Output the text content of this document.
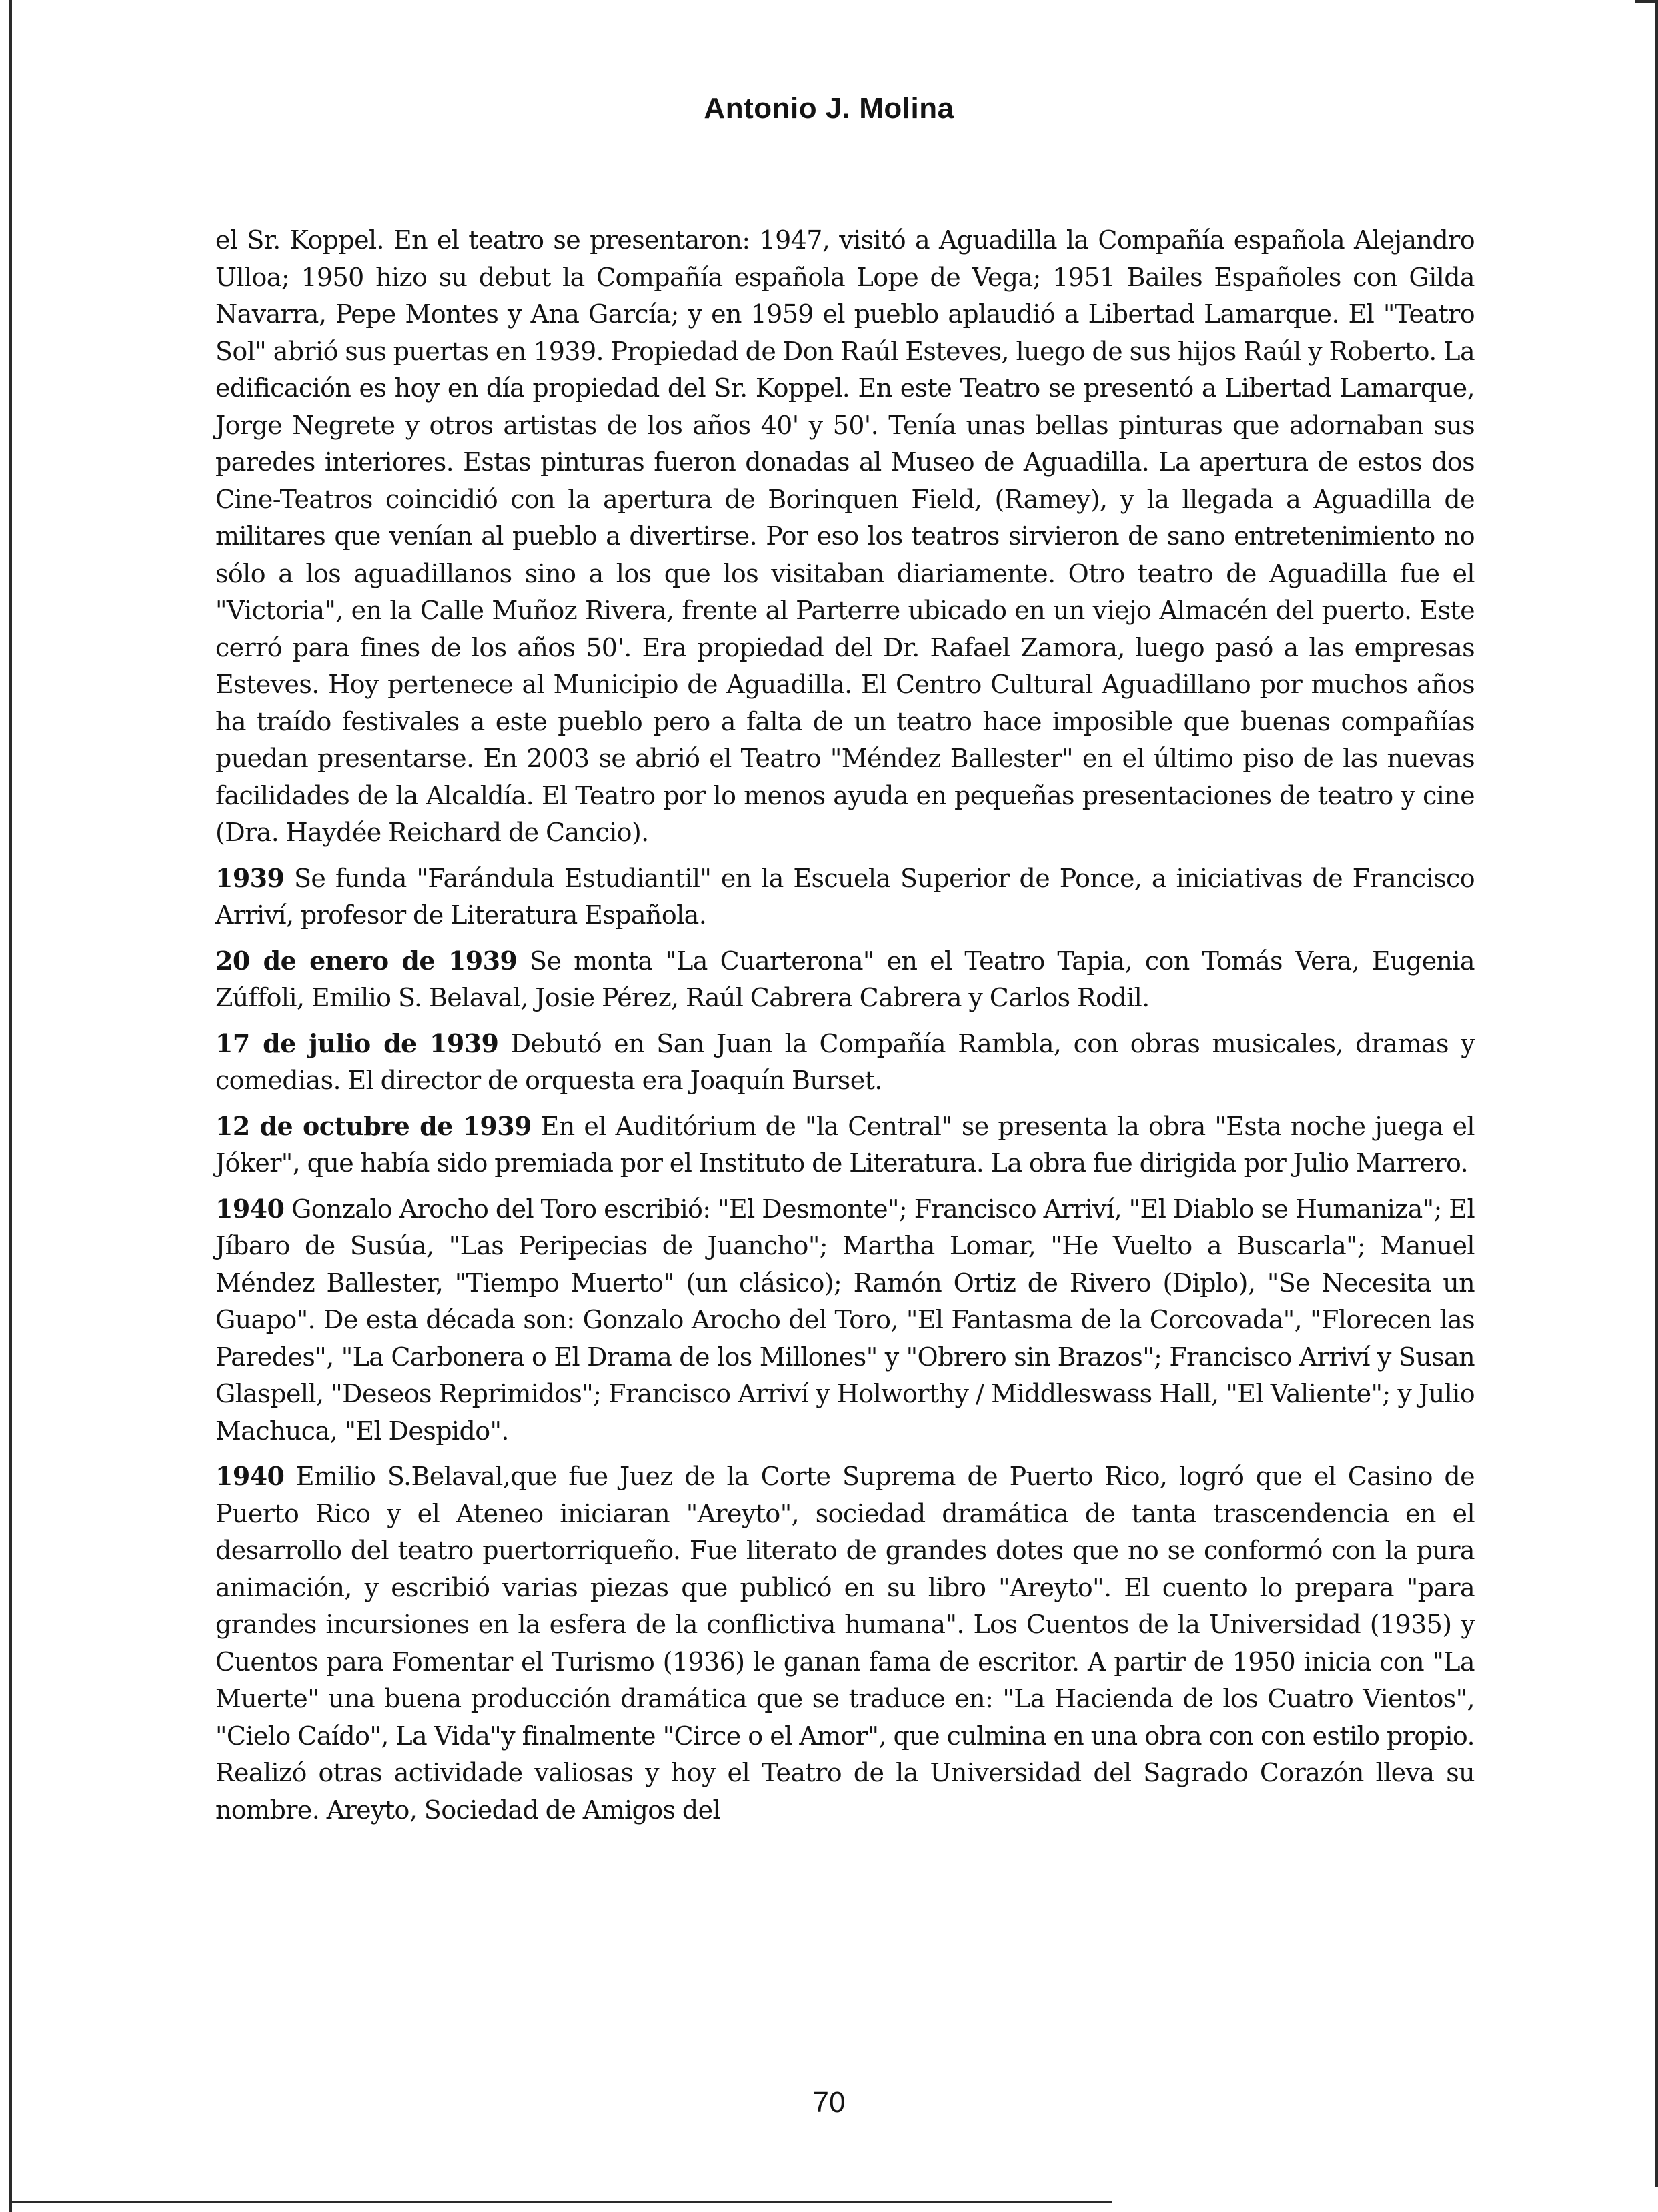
Antonio J. Molina

el Sr. Koppel. En el teatro se presentaron: 1947, visitó a Aguadilla la Compañía española Alejandro Ulloa; 1950 hizo su debut la Compañía española Lope de Vega; 1951 Bailes Españoles con Gilda Navarra, Pepe Montes y Ana García; y en 1959 el pueblo aplaudió a Libertad Lamarque. El "Teatro Sol" abrió sus puertas en 1939. Propiedad de Don Raúl Esteves, luego de sus hijos Raúl y Roberto. La edificación es hoy en día propiedad del Sr. Koppel. En este Teatro se presentó a Libertad Lamarque, Jorge Negrete y otros artistas de los años 40' y 50'. Tenía unas bellas pinturas que adornaban sus paredes interiores. Estas pinturas fueron donadas al Museo de Aguadilla. La apertura de estos dos Cine-Teatros coincidió con la apertura de Borinquen Field, (Ramey), y la llegada a Aguadilla de militares que venían al pueblo a divertirse. Por eso los teatros sirvieron de sano entretenimiento no sólo a los aguadillanos sino a los que los visitaban diariamente. Otro teatro de Aguadilla fue el "Victoria", en la Calle Muñoz Rivera, frente al Parterre ubicado en un viejo Almacén del puerto. Este cerró para fines de los años 50'. Era propiedad del Dr. Rafael Zamora, luego pasó a las empresas Esteves. Hoy pertenece al Municipio de Aguadilla. El Centro Cultural Aguadillano por muchos años ha traído festivales a este pueblo pero a falta de un teatro hace imposible que buenas compañías puedan presentarse. En 2003 se abrió el Teatro "Méndez Ballester" en el último piso de las nuevas facilidades de la Alcaldía. El Teatro por lo menos ayuda en pequeñas presentaciones de teatro y cine (Dra. Haydée Reichard de Cancio).

1939 Se funda "Farándula Estudiantil" en la Escuela Superior de Ponce, a iniciativas de Francisco Arriví, profesor de Literatura Española.

20 de enero de 1939 Se monta "La Cuarterona" en el Teatro Tapia, con Tomás Vera, Eugenia Zúffoli, Emilio S. Belaval, Josie Pérez, Raúl Cabrera Cabrera y Carlos Rodil.

17 de julio de 1939 Debutó en San Juan la Compañía Rambla, con obras musicales, dramas y comedias. El director de orquesta era Joaquín Burset.

12 de octubre de 1939 En el Auditórium de "la Central" se presenta la obra "Esta noche juega el Jóker", que había sido premiada por el Instituto de Literatura. La obra fue dirigida por Julio Marrero.

1940 Gonzalo Arocho del Toro escribió: "El Desmonte"; Francisco Arriví, "El Diablo se Humaniza"; El Jíbaro de Susúa, "Las Peripecias de Juancho"; Martha Lomar, "He Vuelto a Buscarla"; Manuel Méndez Ballester, "Tiempo Muerto" (un clásico); Ramón Ortiz de Rivero (Diplo), "Se Necesita un Guapo". De esta década son: Gonzalo Arocho del Toro, "El Fantasma de la Corcovada", "Florecen las Paredes", "La Carbonera o El Drama de los Millones" y "Obrero sin Brazos"; Francisco Arriví y Susan Glaspell, "Deseos Reprimidos"; Francisco Arriví y Holworthy / Middleswass Hall, "El Valiente"; y Julio Machuca, "El Despido".

1940 Emilio S.Belaval,que fue Juez de la Corte Suprema de Puerto Rico, logró que el Casino de Puerto Rico y el Ateneo iniciaran "Areyto", sociedad dramática de tanta trascendencia en el desarrollo del teatro puertorriqueño. Fue literato de grandes dotes que no se conformó con la pura animación, y escribió varias piezas que publicó en su libro "Areyto". El cuento lo prepara "para grandes incursiones en la esfera de la conflictiva humana". Los Cuentos de la Universidad (1935) y Cuentos para Fomentar el Turismo (1936) le ganan fama de escritor. A partir de 1950 inicia con "La Muerte" una buena producción dramática que se traduce en: "La Hacienda de los Cuatro Vientos", "Cielo Caído", La Vida"y finalmente "Circe o el Amor", que culmina en una obra con con estilo propio. Realizó otras actividade valiosas y hoy el Teatro de la Universidad del Sagrado Corazón lleva su nombre. Areyto, Sociedad de Amigos del

70
